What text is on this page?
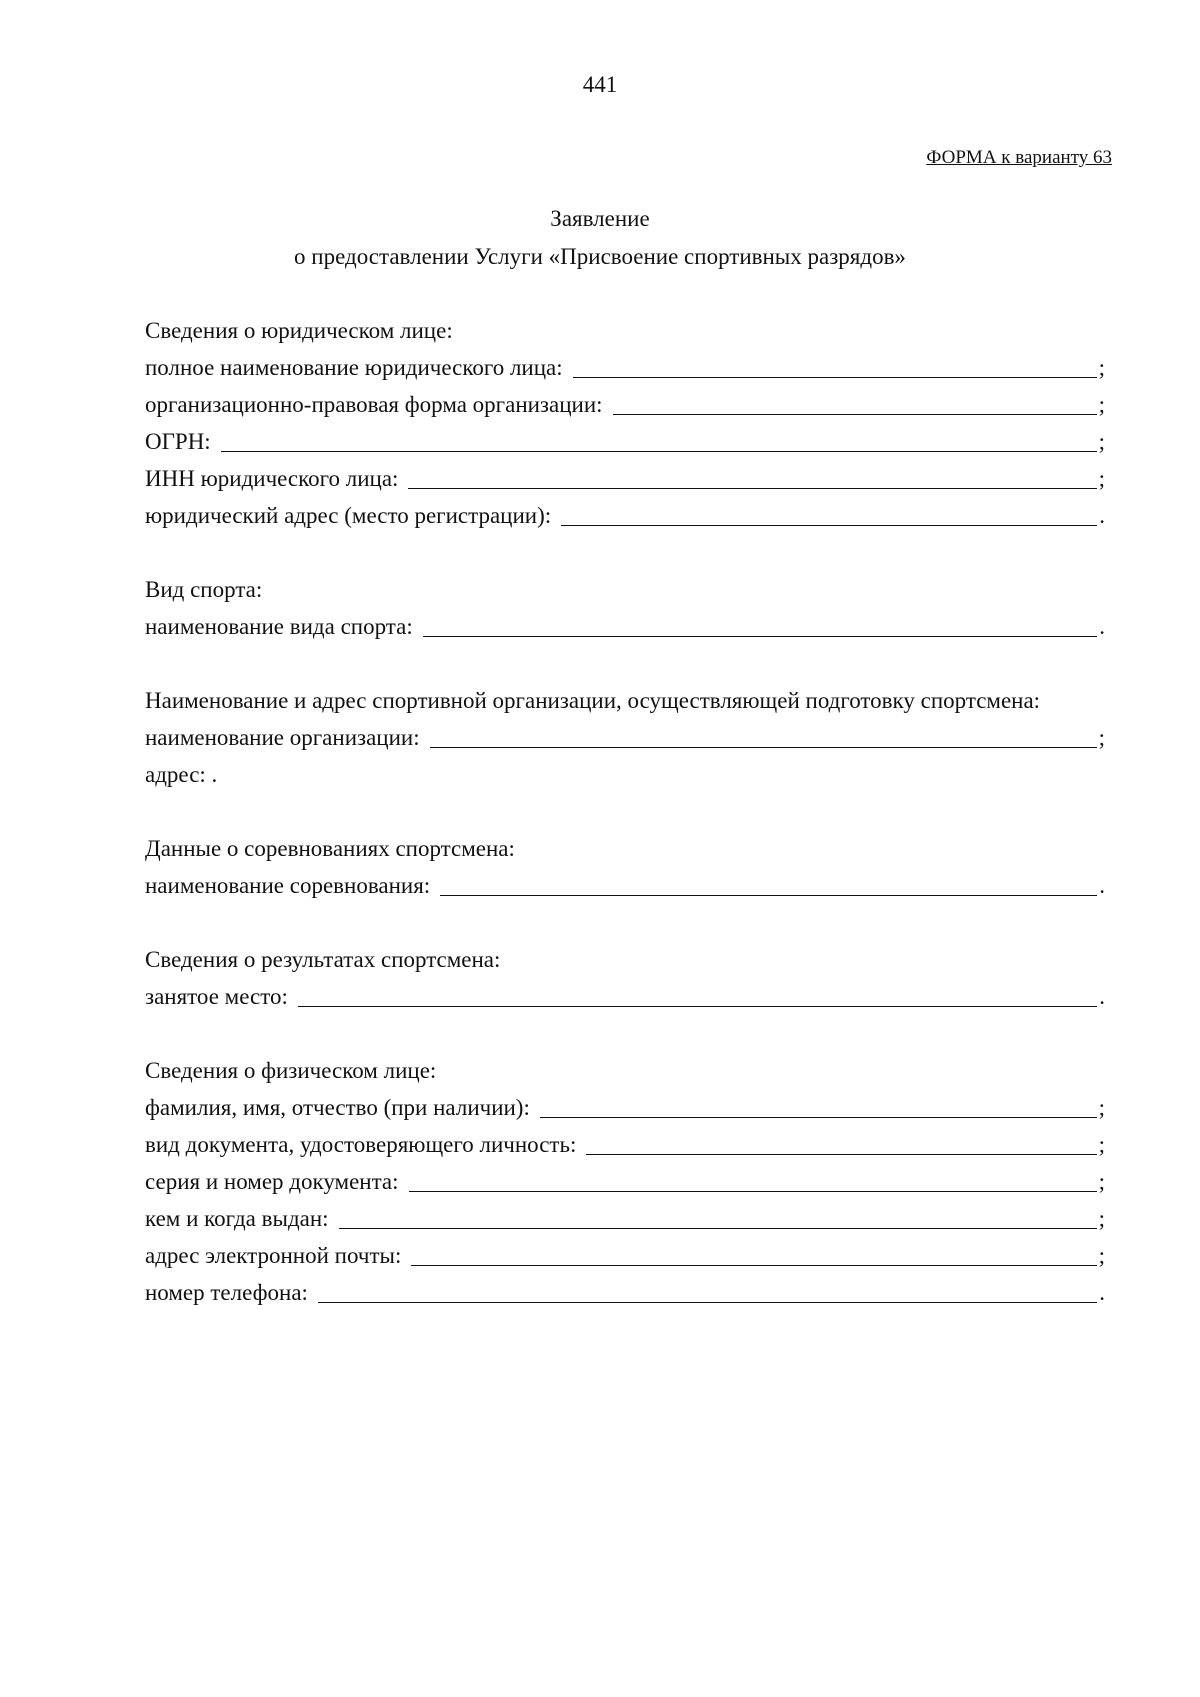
441
ФОРМА к варианту 63
Заявление
о предоставлении Услуги «Присвоение спортивных разрядов»
Сведения о юридическом лице:
полное наименование юридического лица:	;
организационно-правовая форма организации:	;
ОГРН:	;
ИНН юридического лица:	;
юридический адрес (место регистрации):	.
Вид спорта:
наименование вида спорта:	.
Наименование и адрес спортивной организации, осуществляющей подготовку спортсмена:
наименование организации:	;
адрес: .
Данные о соревнованиях спортсмена:
наименование соревнования:	.
Сведения о результатах спортсмена:
занятое место:	.
Сведения о физическом лице:
фамилия, имя, отчество (при наличии):	;
вид документа, удостоверяющего личность:	;
серия и номер документа:	;
кем и когда выдан:	;
адрес электронной почты:	;
номер телефона:	.
